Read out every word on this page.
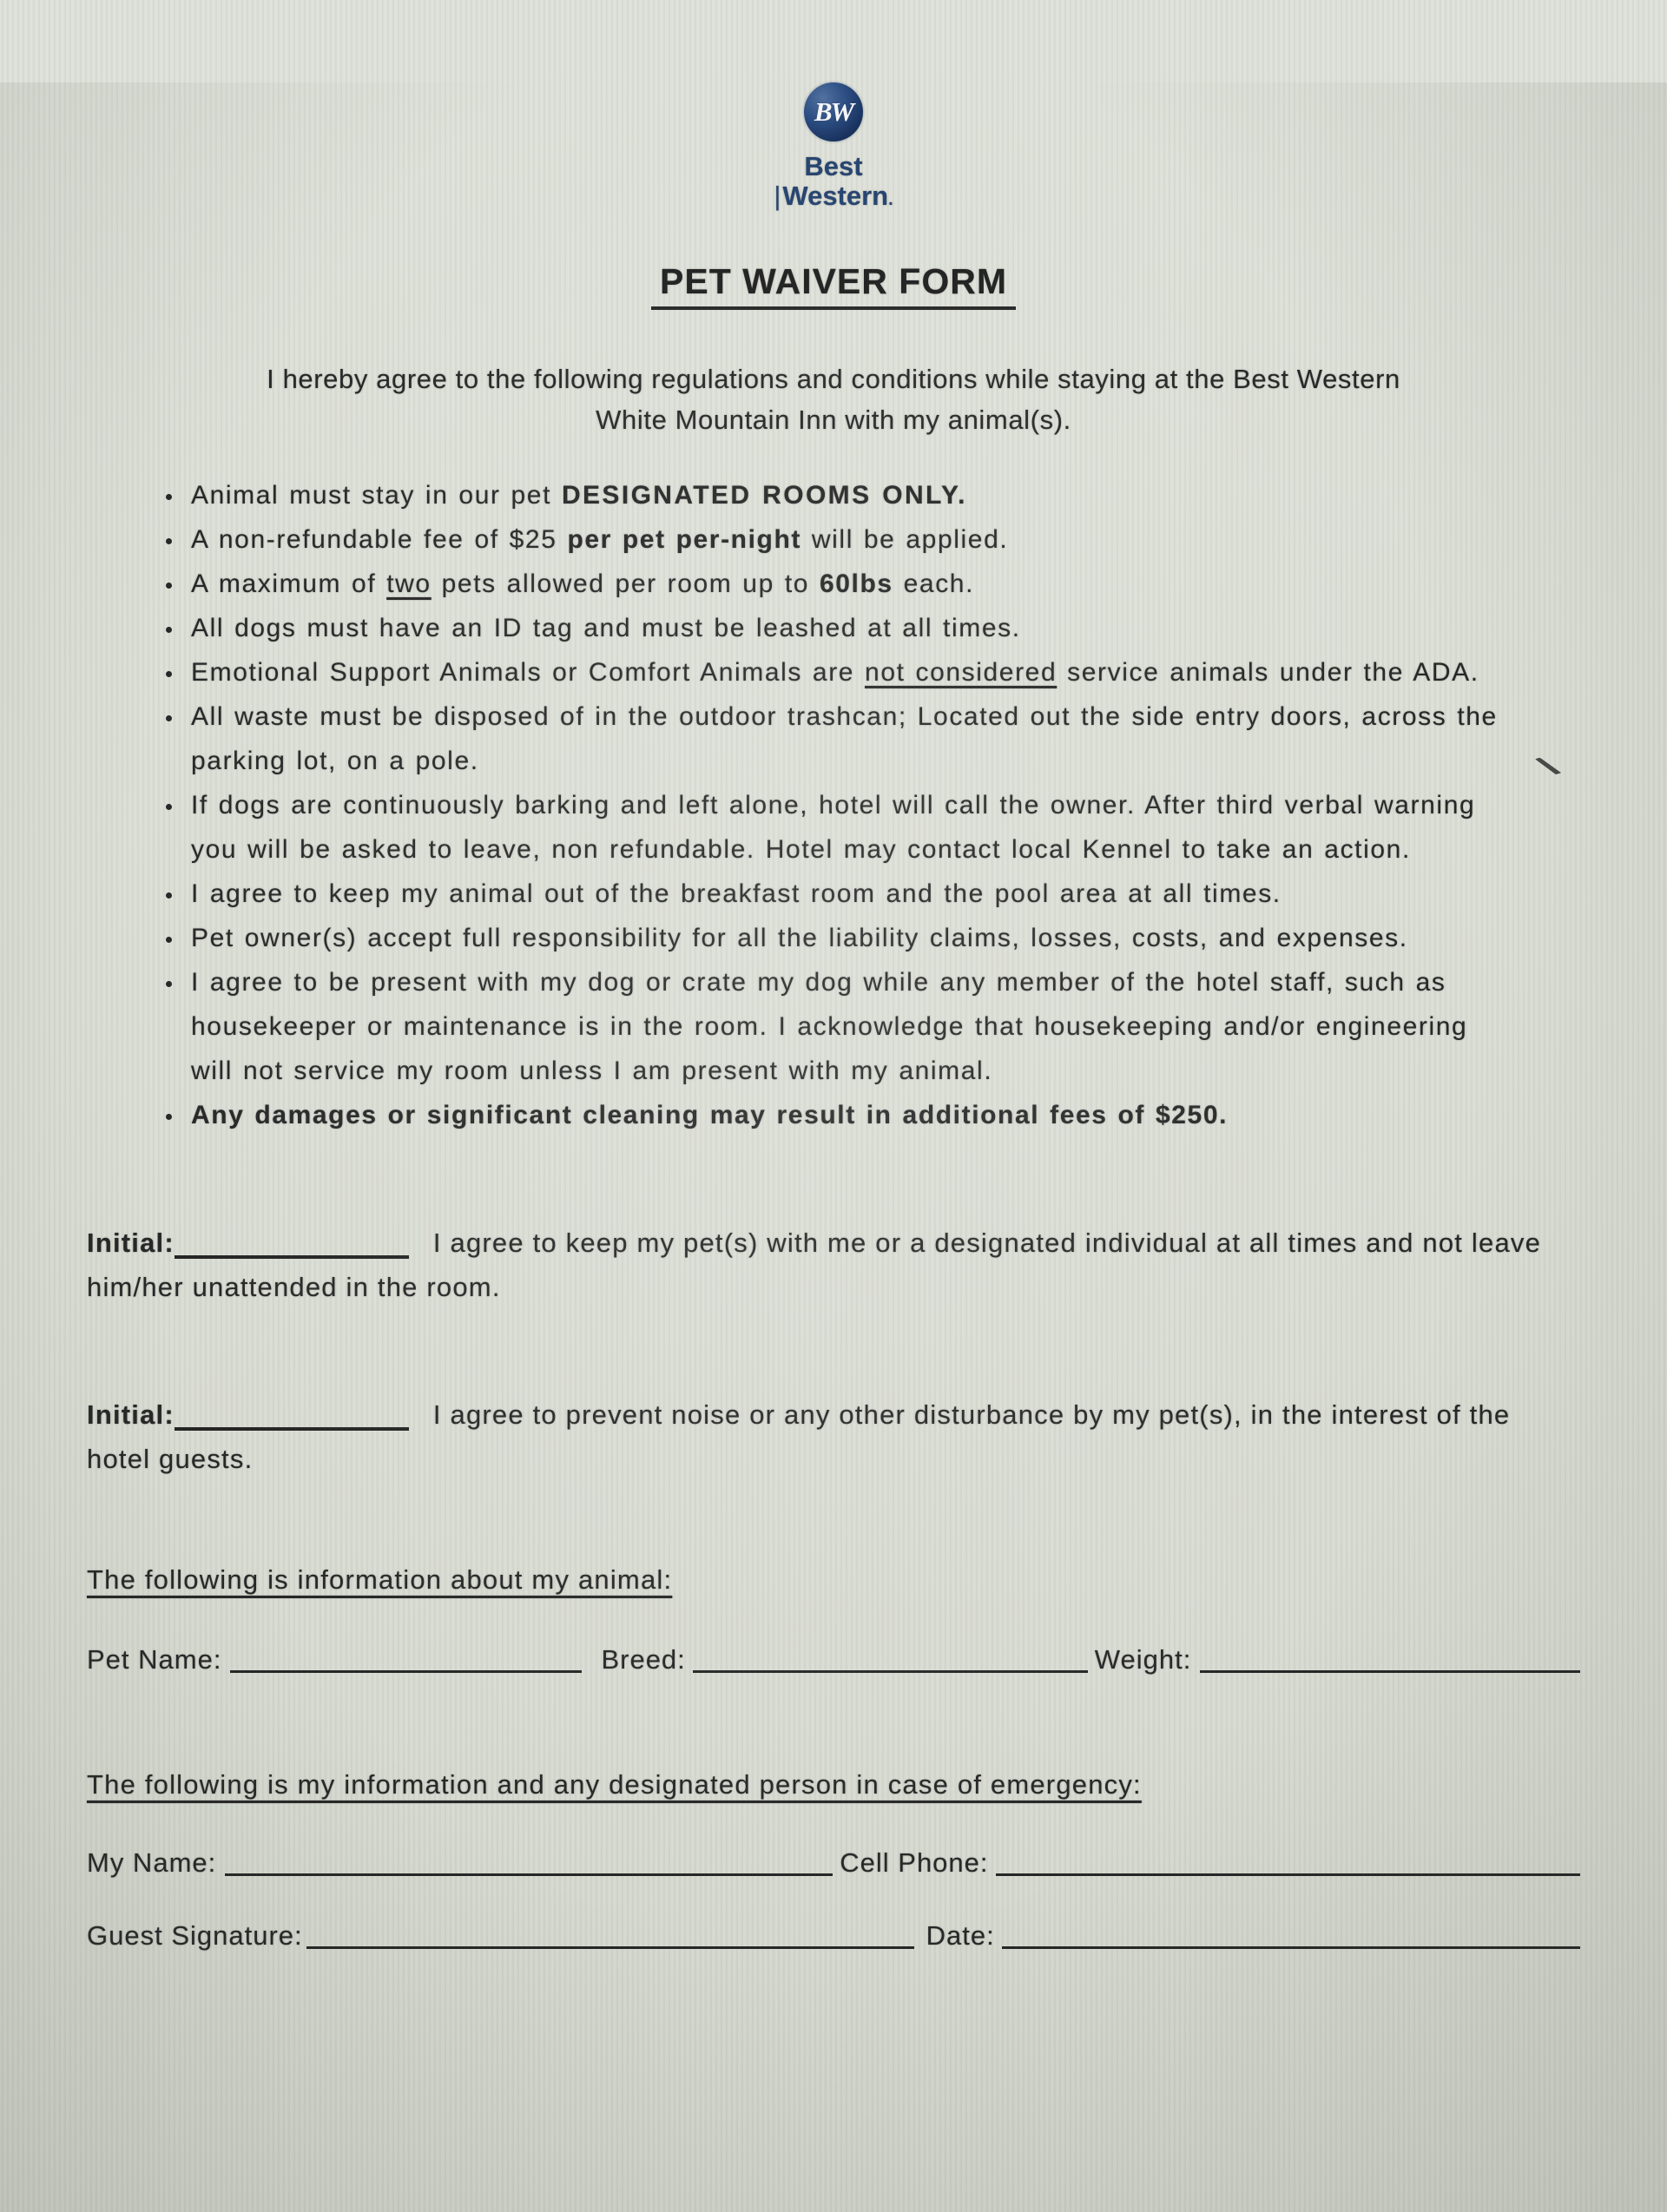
BW
Best
|Western.
PET WAIVER FORM

I hereby agree to the following regulations and conditions while staying at the Best Western
White Mountain Inn with my animal(s).

• Animal must stay in our pet DESIGNATED ROOMS ONLY.
• A non-refundable fee of $25 per pet per-night will be applied.
• A maximum of two pets allowed per room up to 60lbs each.
• All dogs must have an ID tag and must be leashed at all times.
• Emotional Support Animals or Comfort Animals are not considered service animals under the ADA.
• All waste must be disposed of in the outdoor trashcan; Located out the side entry doors, across the parking lot, on a pole.
• If dogs are continuously barking and left alone, hotel will call the owner. After third verbal warning you will be asked to leave, non refundable. Hotel may contact local Kennel to take an action.
• I agree to keep my animal out of the breakfast room and the pool area at all times.
• Pet owner(s) accept full responsibility for all the liability claims, losses, costs, and expenses.
• I agree to be present with my dog or crate my dog while any member of the hotel staff, such as housekeeper or maintenance is in the room. I acknowledge that housekeeping and/or engineering will not service my room unless I am present with my animal.
• Any damages or significant cleaning may result in additional fees of $250.

Initial:	I agree to keep my pet(s) with me or a designated individual at all times and not leave him/her unattended in the room.

Initial:	I agree to prevent noise or any other disturbance by my pet(s), in the interest of the hotel guests.

The following is information about my animal:
Pet Name:	Breed:	Weight:
The following is my information and any designated person in case of emergency:
My Name:	Cell Phone:
Guest Signature:	Date:
